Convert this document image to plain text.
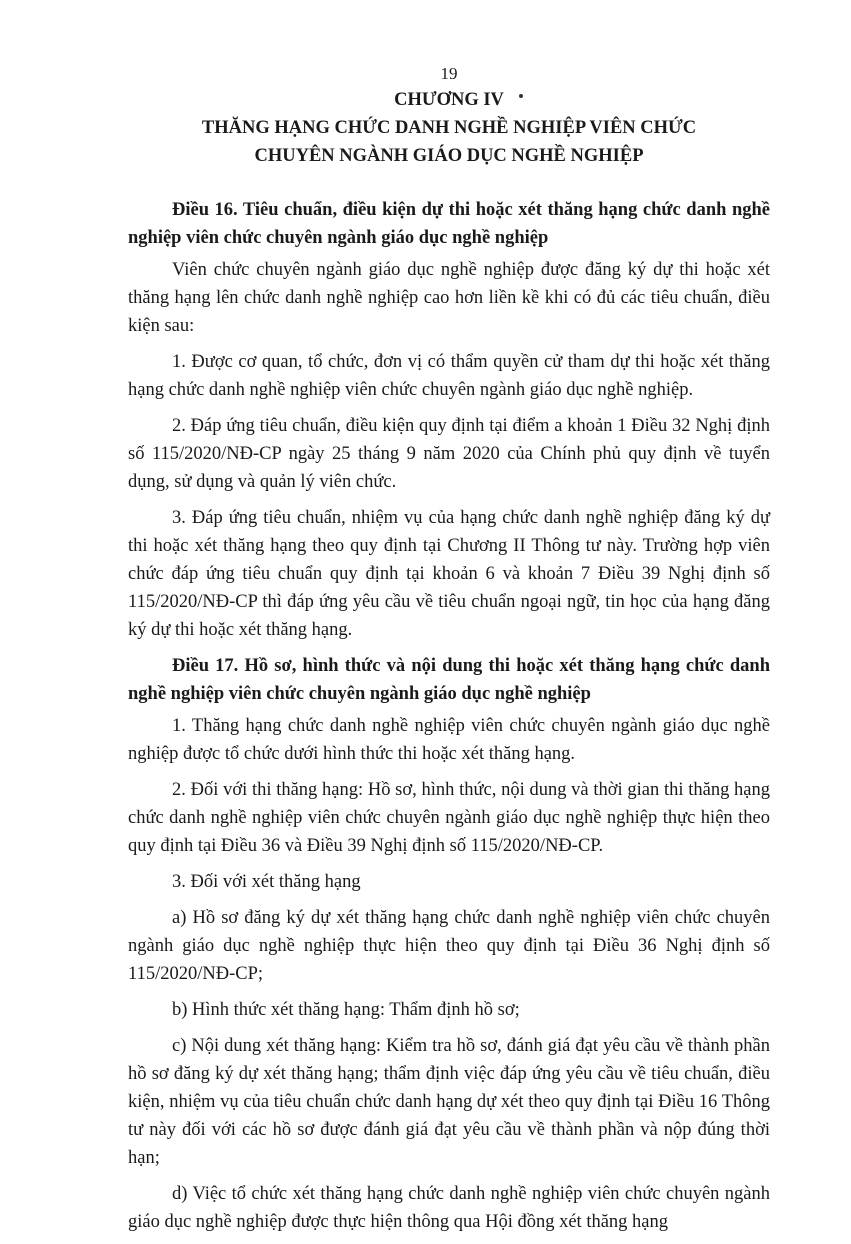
19

CHƯƠNG IV

THĂNG HẠNG CHỨC DANH NGHỀ NGHIỆP VIÊN CHỨC

CHUYÊN NGÀNH GIÁO DỤC NGHỀ NGHIỆP

Điều 16. Tiêu chuẩn, điều kiện dự thi hoặc xét thăng hạng chức danh nghề nghiệp viên chức chuyên ngành giáo dục nghề nghiệp

Viên chức chuyên ngành giáo dục nghề nghiệp được đăng ký dự thi hoặc xét thăng hạng lên chức danh nghề nghiệp cao hơn liền kề khi có đủ các tiêu chuẩn, điều kiện sau:

1. Được cơ quan, tổ chức, đơn vị có thẩm quyền cử tham dự thi hoặc xét thăng hạng chức danh nghề nghiệp viên chức chuyên ngành giáo dục nghề nghiệp.

2. Đáp ứng tiêu chuẩn, điều kiện quy định tại điểm a khoản 1 Điều 32 Nghị định số 115/2020/NĐ-CP ngày 25 tháng 9 năm 2020 của Chính phủ quy định về tuyển dụng, sử dụng và quản lý viên chức.

3. Đáp ứng tiêu chuẩn, nhiệm vụ của hạng chức danh nghề nghiệp đăng ký dự thi hoặc xét thăng hạng theo quy định tại Chương II Thông tư này. Trường hợp viên chức đáp ứng tiêu chuẩn quy định tại khoản 6 và khoản 7 Điều 39 Nghị định số 115/2020/NĐ-CP thì đáp ứng yêu cầu về tiêu chuẩn ngoại ngữ, tin học của hạng đăng ký dự thi hoặc xét thăng hạng.

Điều 17. Hồ sơ, hình thức và nội dung thi hoặc xét thăng hạng chức danh nghề nghiệp viên chức chuyên ngành giáo dục nghề nghiệp

1. Thăng hạng chức danh nghề nghiệp viên chức chuyên ngành giáo dục nghề nghiệp được tổ chức dưới hình thức thi hoặc xét thăng hạng.

2. Đối với thi thăng hạng: Hồ sơ, hình thức, nội dung và thời gian thi thăng hạng chức danh nghề nghiệp viên chức chuyên ngành giáo dục nghề nghiệp thực hiện theo quy định tại Điều 36 và Điều 39 Nghị định số 115/2020/NĐ-CP.

3. Đối với xét thăng hạng

a) Hồ sơ đăng ký dự xét thăng hạng chức danh nghề nghiệp viên chức chuyên ngành giáo dục nghề nghiệp thực hiện theo quy định tại Điều 36 Nghị định số 115/2020/NĐ-CP;

b) Hình thức xét thăng hạng: Thẩm định hồ sơ;

c) Nội dung xét thăng hạng: Kiểm tra hồ sơ, đánh giá đạt yêu cầu về thành phần hồ sơ đăng ký dự xét thăng hạng; thẩm định việc đáp ứng yêu cầu về tiêu chuẩn, điều kiện, nhiệm vụ của tiêu chuẩn chức danh hạng dự xét theo quy định tại Điều 16 Thông tư này đối với các hồ sơ được đánh giá đạt yêu cầu về thành phần và nộp đúng thời hạn;

d) Việc tổ chức xét thăng hạng chức danh nghề nghiệp viên chức chuyên ngành giáo dục nghề nghiệp được thực hiện thông qua Hội đồng xét thăng hạng
